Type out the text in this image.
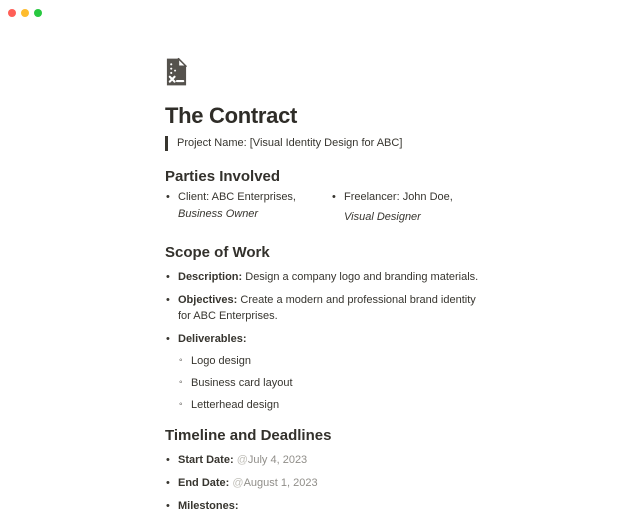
The Contract
Project Name: [Visual Identity Design for ABC]
Parties Involved
• Client: ABC Enterprises,
Business Owner
• Freelancer: John Doe,
Visual Designer
Scope of Work
• Description: Design a company logo and branding materials.
• Objectives: Create a modern and professional brand identity for ABC Enterprises.
• Deliverables:
◦ Logo design
◦ Business card layout
◦ Letterhead design
Timeline and Deadlines
• Start Date: @July 4, 2023
• End Date: @August 1, 2023
• Milestones:
